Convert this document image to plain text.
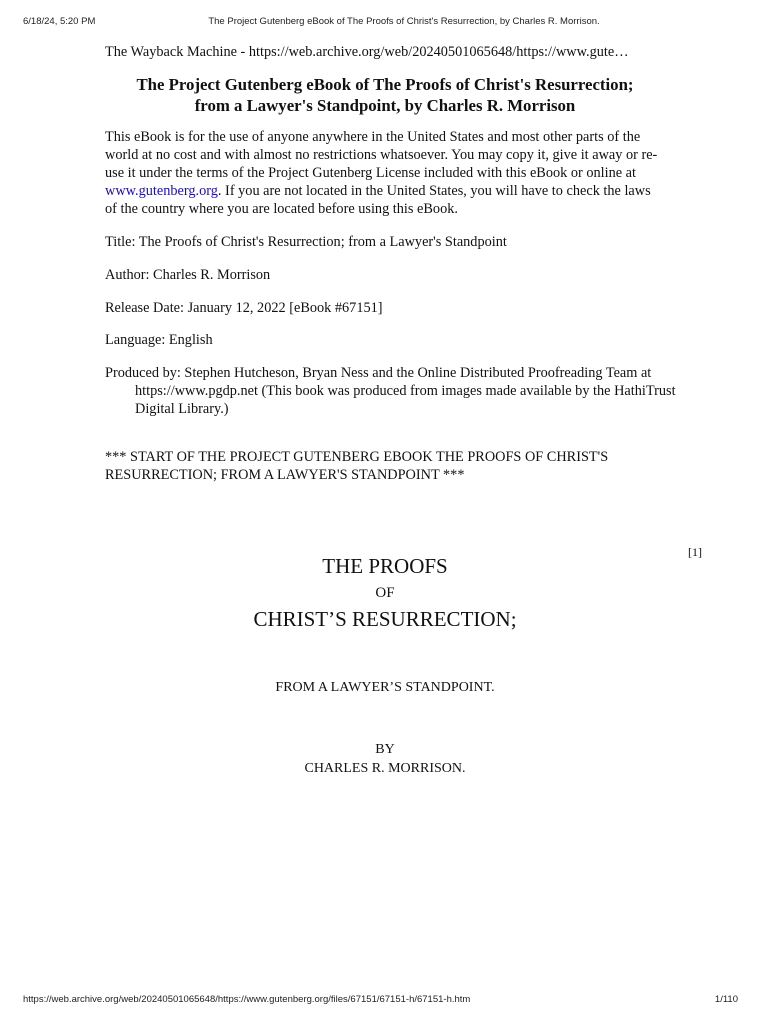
6/18/24, 5:20 PM	The Project Gutenberg eBook of The Proofs of Christ's Resurrection, by Charles R. Morrison.
The Wayback Machine - https://web.archive.org/web/20240501065648/https://www.gute…
The Project Gutenberg eBook of The Proofs of Christ's Resurrection;
from a Lawyer's Standpoint, by Charles R. Morrison

This eBook is for the use of anyone anywhere in the United States and most other parts of the world at no cost and with almost no restrictions whatsoever. You may copy it, give it away or re-use it under the terms of the Project Gutenberg License included with this eBook or online at www.gutenberg.org. If you are not located in the United States, you will have to check the laws of the country where you are located before using this eBook.

Title: The Proofs of Christ's Resurrection; from a Lawyer's Standpoint

Author: Charles R. Morrison

Release Date: January 12, 2022 [eBook #67151]

Language: English

Produced by: Stephen Hutcheson, Bryan Ness and the Online Distributed Proofreading Team at https://www.pgdp.net (This book was produced from images made available by the HathiTrust Digital Library.)

*** START OF THE PROJECT GUTENBERG EBOOK THE PROOFS OF CHRIST'S RESURRECTION; FROM A LAWYER'S STANDPOINT ***

[1]
THE PROOFS
OF
CHRIST’S RESURRECTION;
FROM A LAWYER’S STANDPOINT.
BY
CHARLES R. MORRISON.
https://web.archive.org/web/20240501065648/https://www.gutenberg.org/files/67151/67151-h/67151-h.htm	1/110
